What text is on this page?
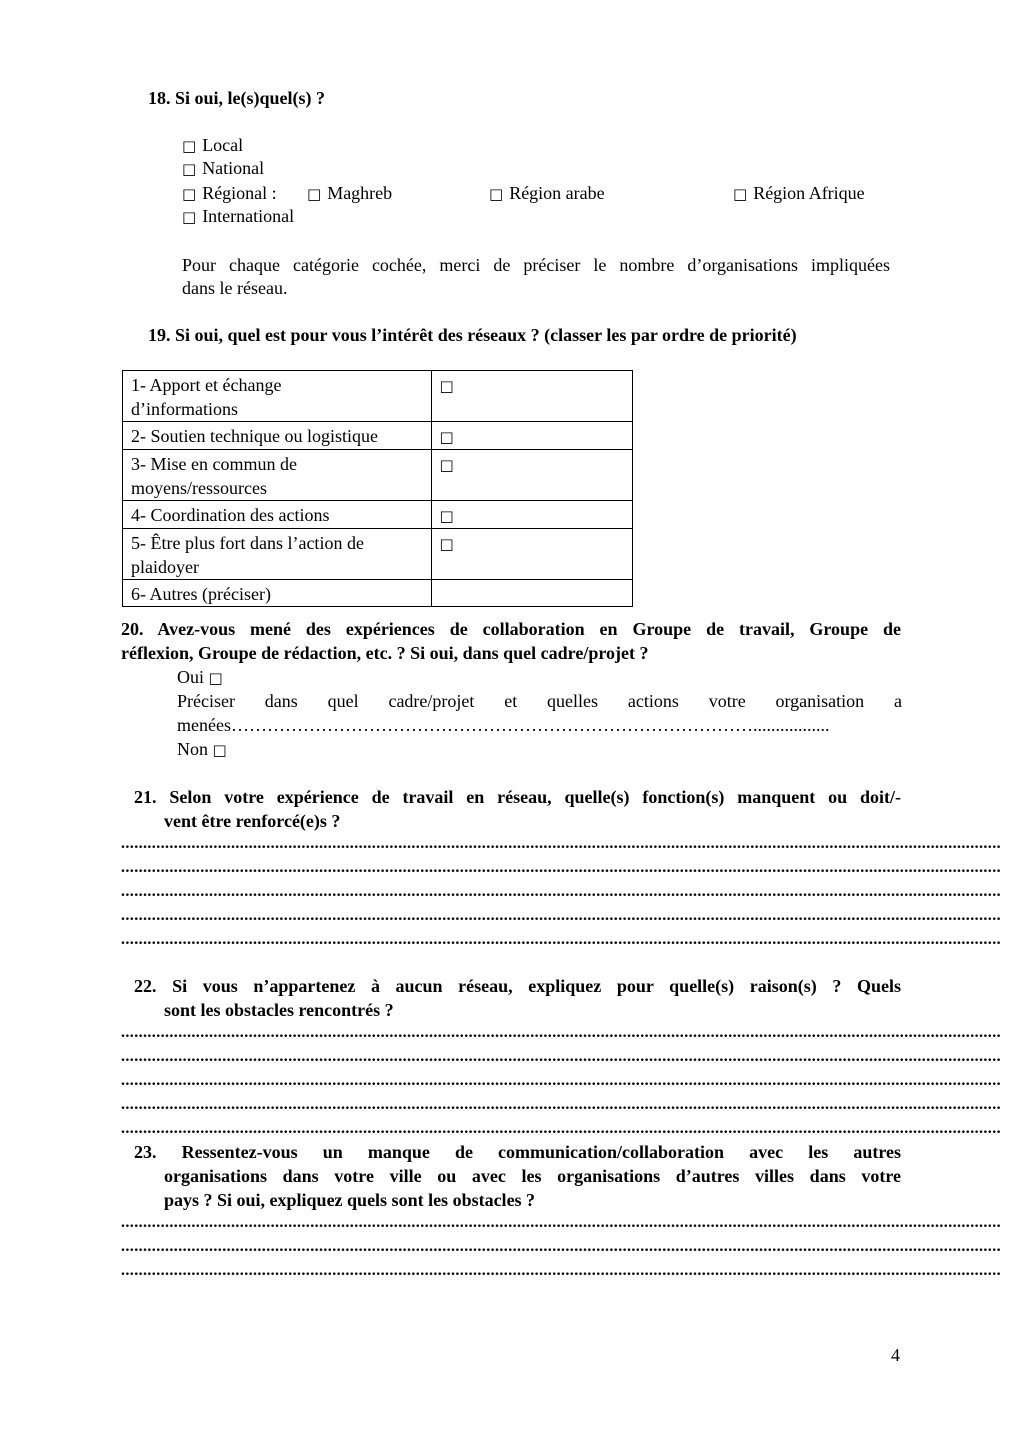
18. Si oui, le(s)quel(s) ?
□ Local
□ National
□ Régional : □ Maghreb	□ Région arabe	□ Région Afrique
□ International
Pour chaque catégorie cochée, merci de préciser le nombre d’organisations impliquées
dans le réseau.
19. Si oui, quel est pour vous l’intérêt des réseaux ? (classer les par ordre de priorité)
1- Apport et échange
d’informations	□
2- Soutien technique ou logistique	□
3- Mise en commun de
moyens/ressources	□
4- Coordination des actions	□
5- Être plus fort dans l’action de
plaidoyer	□
6- Autres (préciser)	
20. Avez-vous mené des expériences de collaboration en Groupe de travail, Groupe de
réflexion, Groupe de rédaction, etc. ? Si oui, dans quel cadre/projet ?
Oui □
Préciser dans quel cadre/projet et quelles actions votre organisation a
menées…………………………………………………………………………….................
Non □
21. Selon votre expérience de travail en réseau, quelle(s) fonction(s) manquent ou doit/-
vent être renforcé(e)s ?
........................................................................................................................................................................................................
........................................................................................................................................................................................................
........................................................................................................................................................................................................
........................................................................................................................................................................................................
........................................................................................................................................................................................................
22. Si vous n’appartenez à aucun réseau, expliquez pour quelle(s) raison(s) ? Quels
sont les obstacles rencontrés ?
........................................................................................................................................................................................................
........................................................................................................................................................................................................
........................................................................................................................................................................................................
........................................................................................................................................................................................................
........................................................................................................................................................................................................
23. Ressentez-vous un manque de communication/collaboration avec les autres
organisations dans votre ville ou avec les organisations d’autres villes dans votre
pays ? Si oui, expliquez quels sont les obstacles ?
........................................................................................................................................................................................................
........................................................................................................................................................................................................
........................................................................................................................................................................................................
4
